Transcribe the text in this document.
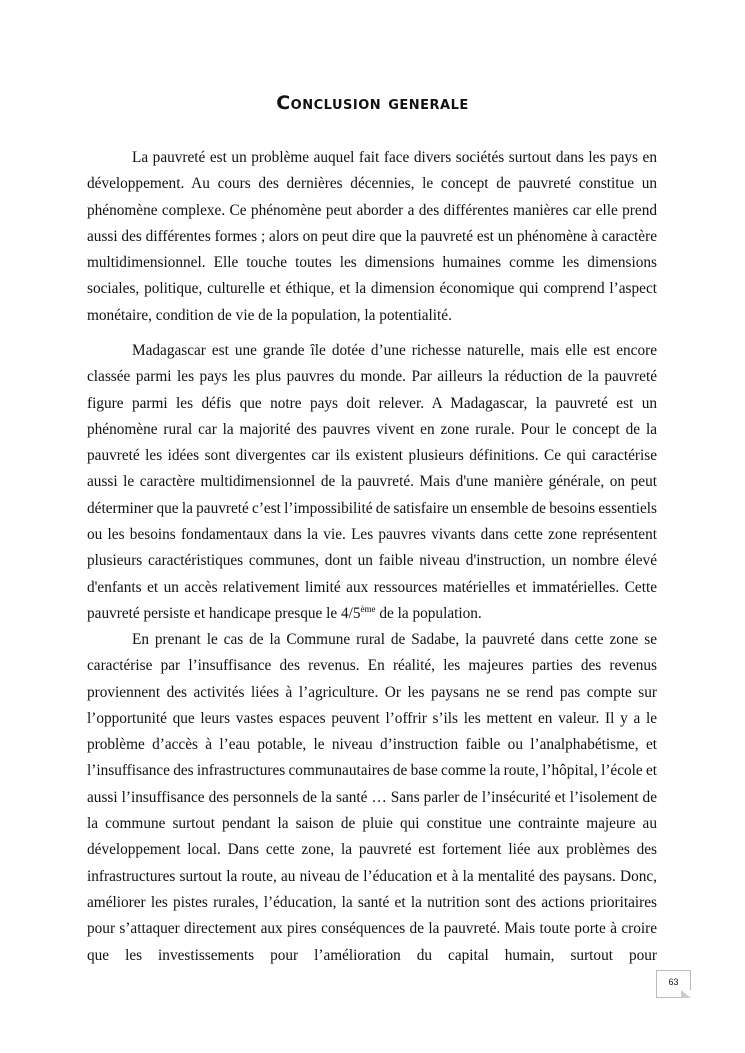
Conclusion generale
La pauvreté est un problème auquel fait face divers sociétés surtout dans les pays en
développement. Au cours des dernières décennies, le concept de pauvreté constitue un
phénomène complexe. Ce phénomène peut aborder a des différentes manières car elle prend
aussi des différentes formes ; alors on peut dire que la pauvreté est un phénomène à caractère
multidimensionnel. Elle touche toutes les dimensions humaines comme les dimensions
sociales, politique, culturelle et éthique, et la dimension économique qui comprend l’aspect
monétaire, condition de vie de la population, la potentialité.
Madagascar est une grande île dotée d’une richesse naturelle, mais elle est encore
classée parmi les pays les plus pauvres du monde. Par ailleurs la réduction de la pauvreté
figure parmi les défis que notre pays doit relever. A Madagascar, la pauvreté est un
phénomène rural car la majorité des pauvres vivent en zone rurale. Pour le concept de la
pauvreté les idées sont divergentes car ils existent plusieurs définitions. Ce qui caractérise
aussi le caractère multidimensionnel de la pauvreté. Mais d'une manière générale, on peut
déterminer que la pauvreté c’est l’impossibilité de satisfaire un ensemble de besoins essentiels
ou les besoins fondamentaux dans la vie. Les pauvres vivants dans cette zone représentent
plusieurs caractéristiques communes, dont un faible niveau d'instruction, un nombre élevé
d'enfants et un accès relativement limité aux ressources matérielles et immatérielles. Cette
pauvreté persiste et handicape presque le 4/5ème de la population.
En prenant le cas de la Commune rural de Sadabe, la pauvreté dans cette zone se
caractérise par l’insuffisance des revenus. En réalité, les majeures parties des revenus
proviennent des activités liées à l’agriculture. Or les paysans ne se rend pas compte sur
l’opportunité que leurs vastes espaces peuvent l’offrir s’ils les mettent en valeur. Il y a le
problème d’accès à l’eau potable, le niveau d’instruction faible ou l’analphabétisme, et
l’insuffisance des infrastructures communautaires de base comme la route, l’hôpital, l’école et
aussi l’insuffisance des personnels de la santé … Sans parler de l’insécurité et l’isolement de
la commune surtout pendant la saison de pluie qui constitue une contrainte majeure au
développement local. Dans cette zone, la pauvreté est fortement liée aux problèmes des
infrastructures surtout la route, au niveau de l’éducation et à la mentalité des paysans. Donc,
améliorer les pistes rurales, l’éducation, la santé et la nutrition sont des actions prioritaires
pour s’attaquer directement aux pires conséquences de la pauvreté. Mais toute porte à croire
que les investissements pour l’amélioration du capital humain, surtout pour
63
